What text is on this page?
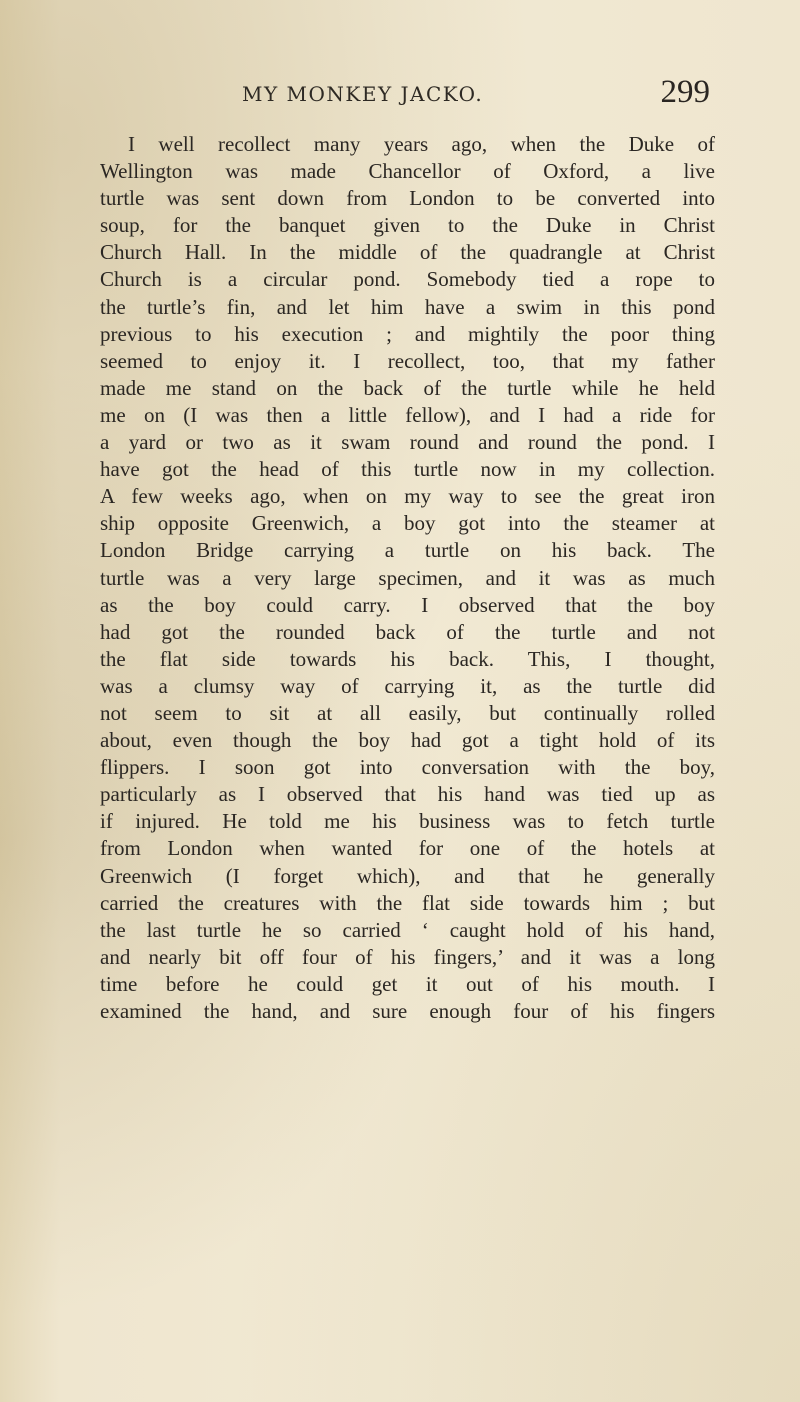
MY MONKEY JACKO.	299
I well recollect many years ago, when the Duke of
Wellington was made Chancellor of Oxford, a live
turtle was sent down from London to be converted into
soup, for the banquet given to the Duke in Christ
Church Hall. In the middle of the quadrangle at Christ
Church is a circular pond. Somebody tied a rope to
the turtle’s fin, and let him have a swim in this pond
previous to his execution ; and mightily the poor thing
seemed to enjoy it. I recollect, too, that my father
made me stand on the back of the turtle while he held
me on (I was then a little fellow), and I had a ride for
a yard or two as it swam round and round the pond. I
have got the head of this turtle now in my collection.
A few weeks ago, when on my way to see the great iron
ship opposite Greenwich, a boy got into the steamer at
London Bridge carrying a turtle on his back. The
turtle was a very large specimen, and it was as much
as the boy could carry. I observed that the boy
had got the rounded back of the turtle and not
the flat side towards his back. This, I thought,
was a clumsy way of carrying it, as the turtle did
not seem to sit at all easily, but continually rolled
about, even though the boy had got a tight hold of its
flippers. I soon got into conversation with the boy,
particularly as I observed that his hand was tied up as
if injured. He told me his business was to fetch turtle
from London when wanted for one of the hotels at
Greenwich (I forget which), and that he generally
carried the creatures with the flat side towards him ; but
the last turtle he so carried ‘ caught hold of his hand,
and nearly bit off four of his fingers,’ and it was a long
time before he could get it out of his mouth. I
examined the hand, and sure enough four of his fingers
